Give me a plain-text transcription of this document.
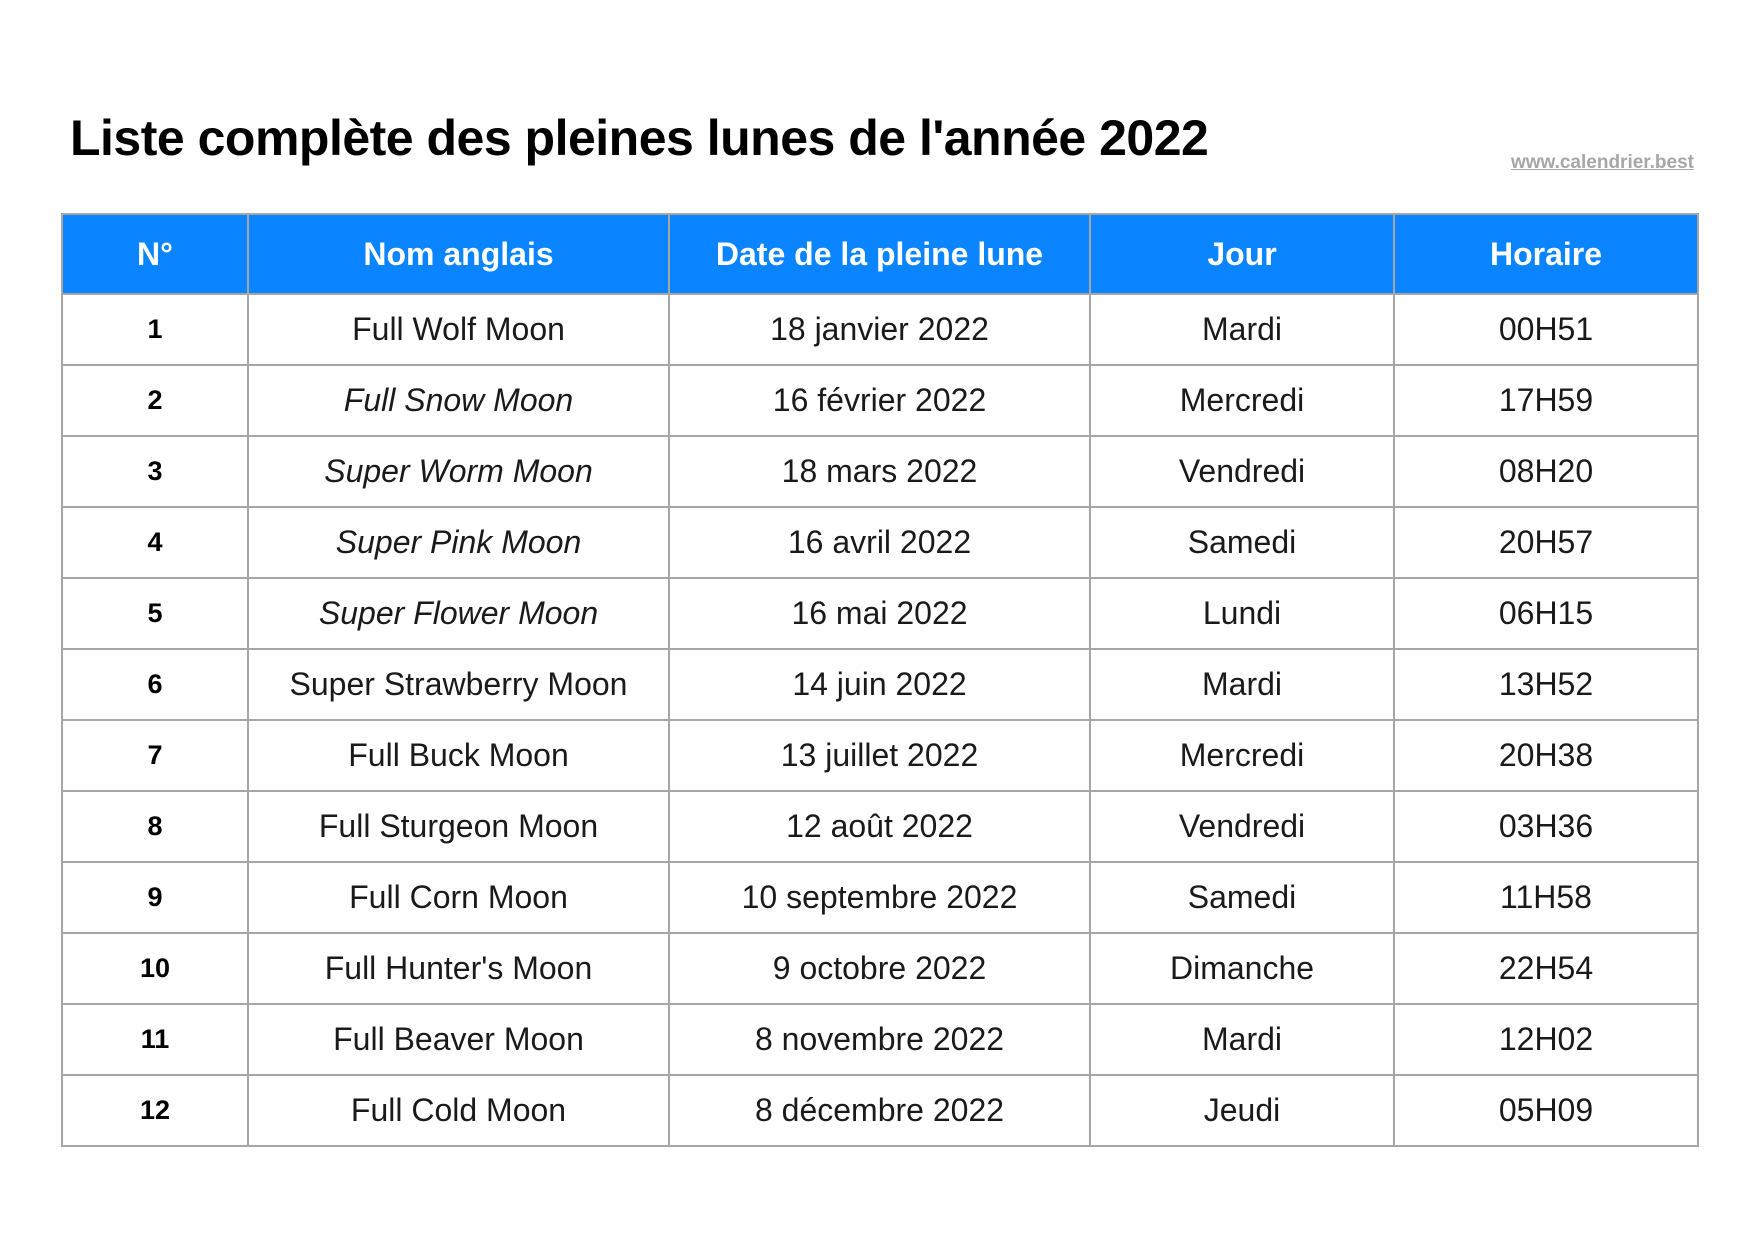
Liste complète des pleines lunes de l'année 2022	www.calendrier.best
N°	Nom anglais	Date de la pleine lune	Jour	Horaire
1	Full Wolf Moon	18 janvier 2022	Mardi	00H51
2	Full Snow Moon	16 février 2022	Mercredi	17H59
3	Super Worm Moon	18 mars 2022	Vendredi	08H20
4	Super Pink Moon	16 avril 2022	Samedi	20H57
5	Super Flower Moon	16 mai 2022	Lundi	06H15
6	Super Strawberry Moon	14 juin 2022	Mardi	13H52
7	Full Buck Moon	13 juillet 2022	Mercredi	20H38
8	Full Sturgeon Moon	12 août 2022	Vendredi	03H36
9	Full Corn Moon	10 septembre 2022	Samedi	11H58
10	Full Hunter's Moon	9 octobre 2022	Dimanche	22H54
11	Full Beaver Moon	8 novembre 2022	Mardi	12H02
12	Full Cold Moon	8 décembre 2022	Jeudi	05H09
